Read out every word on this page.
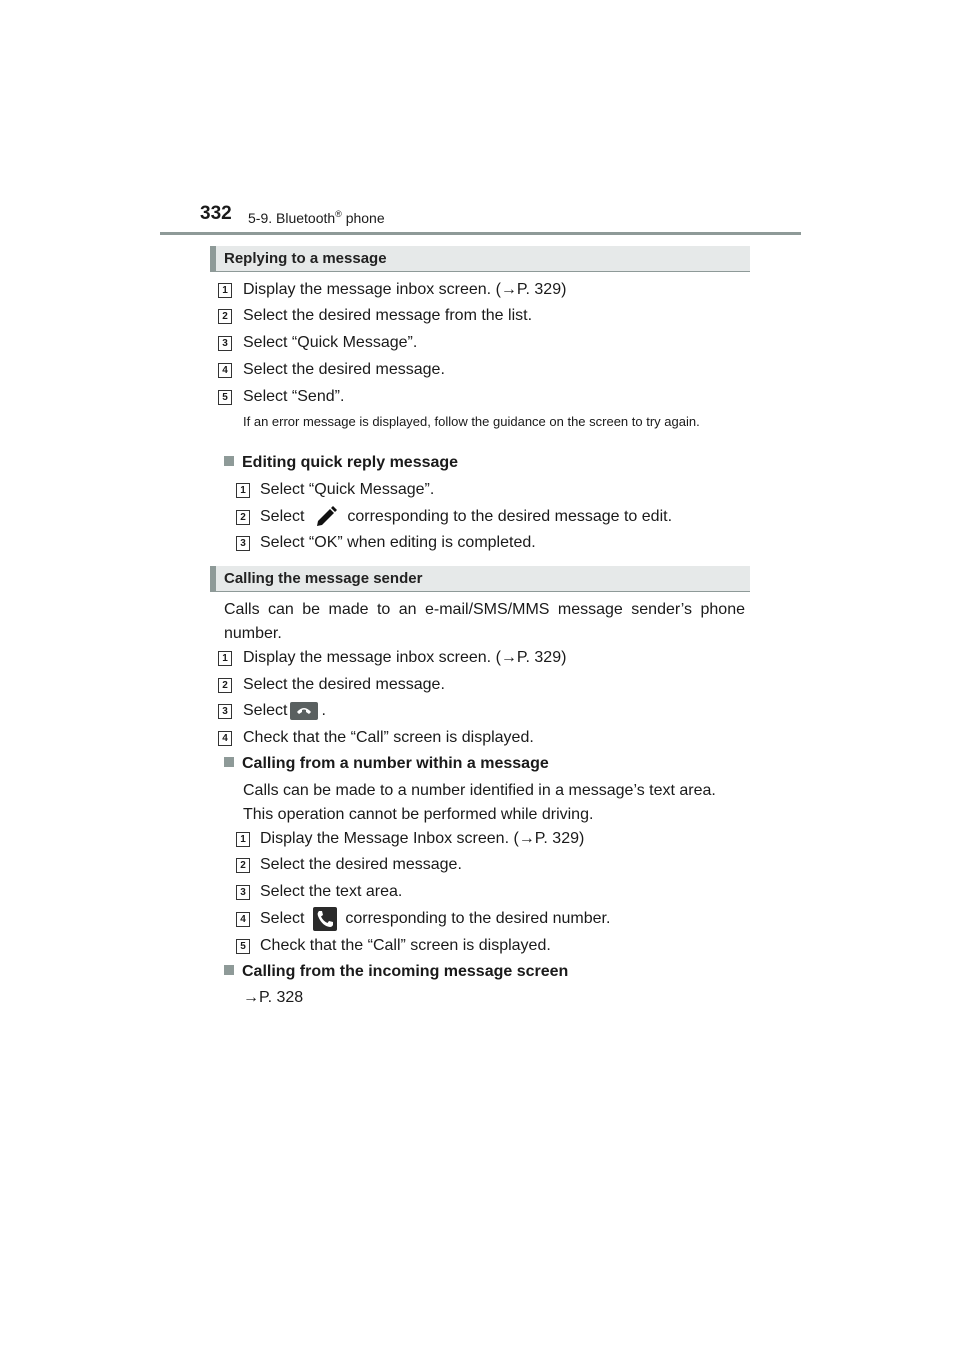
332 5-9. Bluetooth® phone
Replying to a message
1 Display the message inbox screen. (→P. 329)
2 Select the desired message from the list.
3 Select “Quick Message”.
4 Select the desired message.
5 Select “Send”.
If an error message is displayed, follow the guidance on the screen to try again.
Editing quick reply message
1 Select “Quick Message”.
2 Select	corresponding to the desired message to edit.
3 Select “OK” when editing is completed.
Calling the message sender
Calls can be made to an e-mail/SMS/MMS message sender’s phone number.
1 Display the message inbox screen. (→P. 329)
2 Select the desired message.
3 Select .
4 Check that the “Call” screen is displayed.
Calling from a number within a message
Calls can be made to a number identified in a message’s text area.
This operation cannot be performed while driving.
1 Display the Message Inbox screen. (→P. 329)
2 Select the desired message.
3 Select the text area.
4 Select	corresponding to the desired number.
5 Check that the “Call” screen is displayed.
Calling from the incoming message screen
→P. 328
